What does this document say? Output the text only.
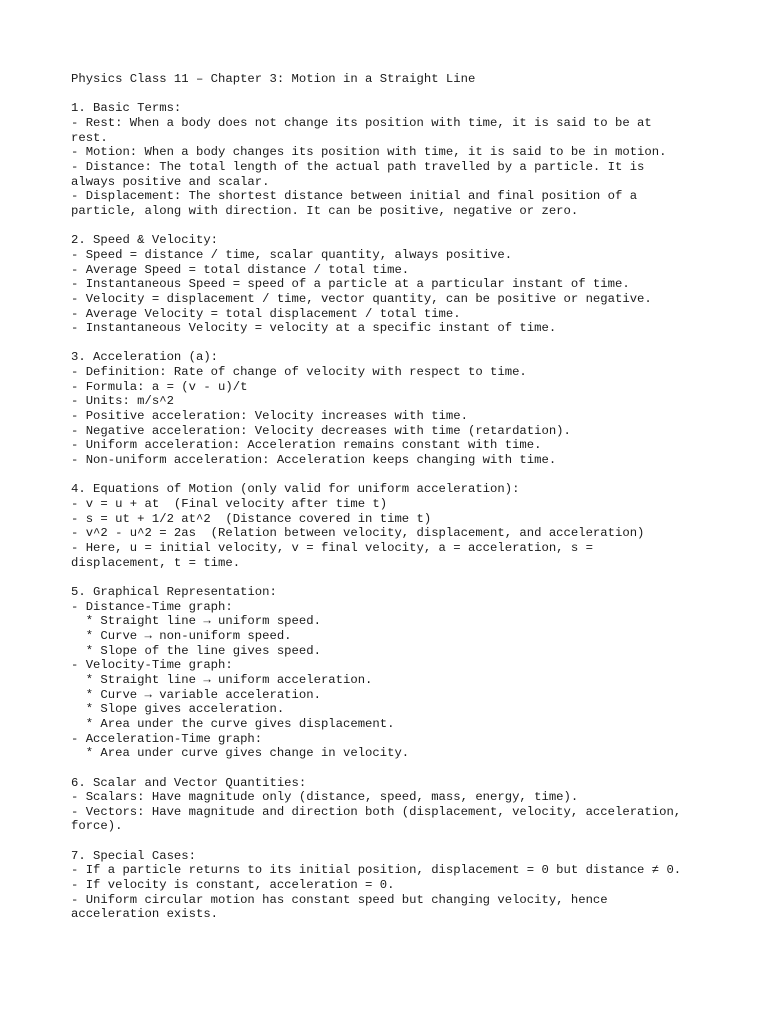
Physics Class 11 – Chapter 3: Motion in a Straight Line
1. Basic Terms:
- Rest: When a body does not change its position with time, it is said to be at
rest.
- Motion: When a body changes its position with time, it is said to be in motion.
- Distance: The total length of the actual path travelled by a particle. It is
always positive and scalar.
- Displacement: The shortest distance between initial and final position of a
particle, along with direction. It can be positive, negative or zero.
2. Speed & Velocity:
- Speed = distance / time, scalar quantity, always positive.
- Average Speed = total distance / total time.
- Instantaneous Speed = speed of a particle at a particular instant of time.
- Velocity = displacement / time, vector quantity, can be positive or negative.
- Average Velocity = total displacement / total time.
- Instantaneous Velocity = velocity at a specific instant of time.
3. Acceleration (a):
- Definition: Rate of change of velocity with respect to time.
- Formula: a = (v - u)/t
- Units: m/s^2
- Positive acceleration: Velocity increases with time.
- Negative acceleration: Velocity decreases with time (retardation).
- Uniform acceleration: Acceleration remains constant with time.
- Non-uniform acceleration: Acceleration keeps changing with time.
4. Equations of Motion (only valid for uniform acceleration):
- v = u + at  (Final velocity after time t)
- s = ut + 1/2 at^2  (Distance covered in time t)
- v^2 - u^2 = 2as  (Relation between velocity, displacement, and acceleration)
- Here, u = initial velocity, v = final velocity, a = acceleration, s =
displacement, t = time.
5. Graphical Representation:
- Distance-Time graph:
* Straight line → uniform speed.
* Curve → non-uniform speed.
* Slope of the line gives speed.
- Velocity-Time graph:
* Straight line → uniform acceleration.
* Curve → variable acceleration.
* Slope gives acceleration.
* Area under the curve gives displacement.
- Acceleration-Time graph:
* Area under curve gives change in velocity.
6. Scalar and Vector Quantities:
- Scalars: Have magnitude only (distance, speed, mass, energy, time).
- Vectors: Have magnitude and direction both (displacement, velocity, acceleration,
force).
7. Special Cases:
- If a particle returns to its initial position, displacement = 0 but distance ≠ 0.
- If velocity is constant, acceleration = 0.
- Uniform circular motion has constant speed but changing velocity, hence
acceleration exists.
